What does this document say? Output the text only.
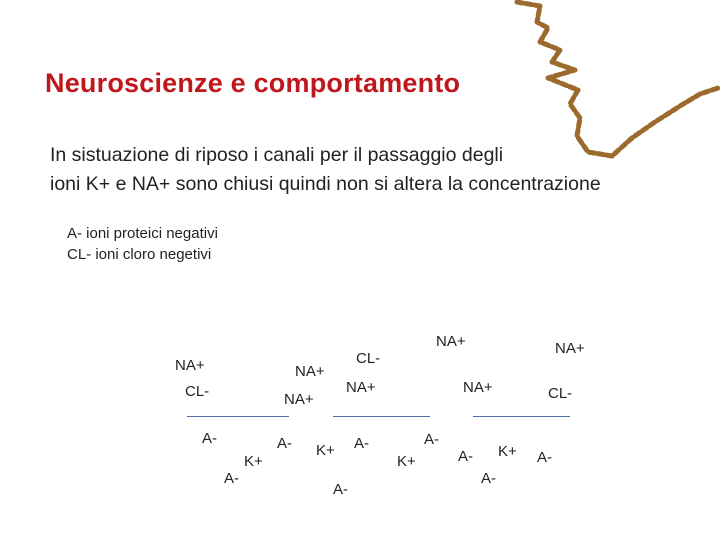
Neuroscienze e comportamento
In sistuazione di riposo i canali per il passaggio degli
ioni K+ e NA+ sono chiusi quindi non si altera la concentrazione
A- ioni proteici negativi
CL- ioni cloro negetivi
NA+
CL-
NA+
NA+
CL-
NA+
NA+
NA+
NA+
CL-
A-
K+
A-
A- K+ A-
A-
A-
K+	A- K+
A-
A-
